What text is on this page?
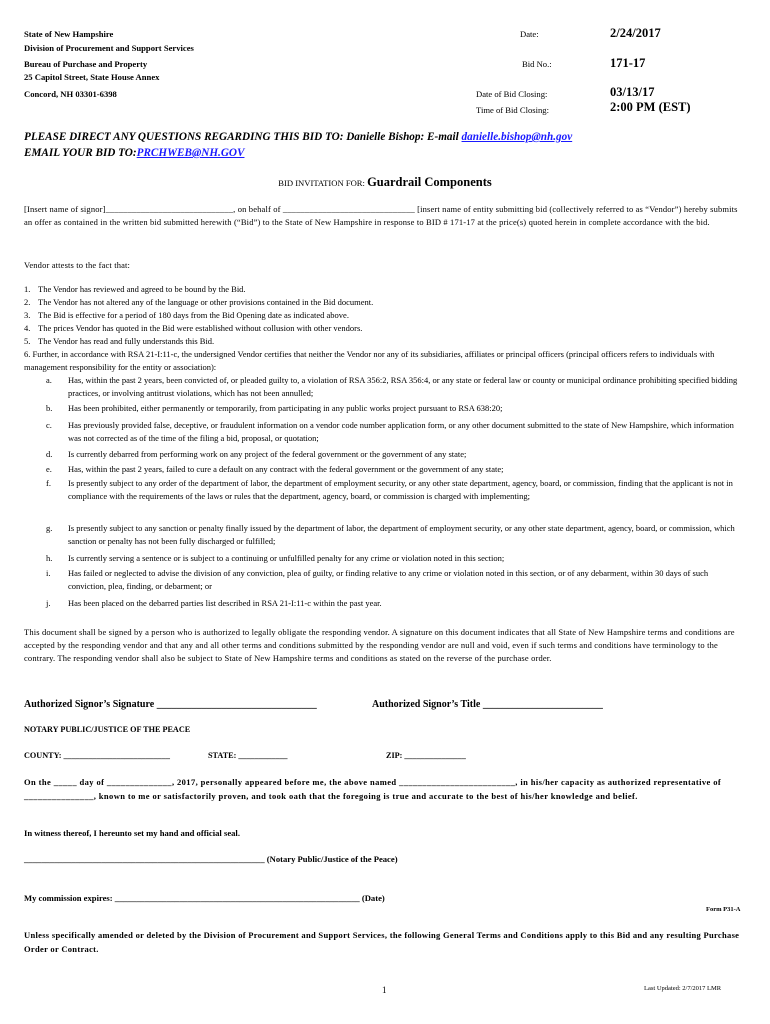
State of New Hampshire
Division of Procurement and Support Services
Bureau of Purchase and Property
25 Capitol Street, State House Annex
Concord, NH 03301-6398
Date:	2/24/2017
Bid No.:	171-17
Date of Bid Closing:	03/13/17
Time of Bid Closing:	2:00 PM (EST)
PLEASE DIRECT ANY QUESTIONS REGARDING THIS BID TO: Danielle Bishop: E-mail danielle.bishop@nh.gov
EMAIL YOUR BID TO:PRCHWEB@NH.GOV
BID INVITATION FOR: Guardrail Components
[Insert name of signor]_____________________________, on behalf of ______________________________ [insert name of entity submitting bid (collectively referred to as “Vendor”) hereby submits an offer as contained in the written bid submitted herewith (“Bid”) to the State of New Hampshire in response to BID # 171-17 at the price(s) quoted herein in complete accordance with the bid.
Vendor attests to the fact that:
1. The Vendor has reviewed and agreed to be bound by the Bid.
2. The Vendor has not altered any of the language or other provisions contained in the Bid document.
3. The Bid is effective for a period of 180 days from the Bid Opening date as indicated above.
4. The prices Vendor has quoted in the Bid were established without collusion with other vendors.
5. The Vendor has read and fully understands this Bid.
6. Further, in accordance with RSA 21-I:11-c, the undersigned Vendor certifies that neither the Vendor nor any of its subsidiaries, affiliates or principal officers (principal officers refers to individuals with management responsibility for the entity or association):
a. Has, within the past 2 years, been convicted of, or pleaded guilty to, a violation of RSA 356:2, RSA 356:4, or any state or federal law or county or municipal ordinance prohibiting specified bidding practices, or involving antitrust violations, which has not been annulled;
b. Has been prohibited, either permanently or temporarily, from participating in any public works project pursuant to RSA 638:20;
c. Has previously provided false, deceptive, or fraudulent information on a vendor code number application form, or any other document submitted to the state of New Hampshire, which information was not corrected as of the time of the filing a bid, proposal, or quotation;
d. Is currently debarred from performing work on any project of the federal government or the government of any state;
e. Has, within the past 2 years, failed to cure a default on any contract with the federal government or the government of any state;
f. Is presently subject to any order of the department of labor, the department of employment security, or any other state department, agency, board, or commission, finding that the applicant is not in compliance with the requirements of the laws or rules that the department, agency, board, or commission is charged with implementing;
g. Is presently subject to any sanction or penalty finally issued by the department of labor, the department of employment security, or any other state department, agency, board, or commission, which sanction or penalty has not been fully discharged or fulfilled;
h. Is currently serving a sentence or is subject to a continuing or unfulfilled penalty for any crime or violation noted in this section;
i. Has failed or neglected to advise the division of any conviction, plea of guilty, or finding relative to any crime or violation noted in this section, or of any debarment, within 30 days of such conviction, plea, finding, or debarment; or
j. Has been placed on the debarred parties list described in RSA 21-I:11-c within the past year.
This document shall be signed by a person who is authorized to legally obligate the responding vendor. A signature on this document indicates that all State of New Hampshire terms and conditions are accepted by the responding vendor and that any and all other terms and conditions submitted by the responding vendor are null and void, even if such terms and conditions have terminology to the contrary. The responding vendor shall also be subject to State of New Hampshire terms and conditions as stated on the reverse of the purchase order.
Authorized Signor’s Signature ________________________________	Authorized Signor’s Title ________________________
NOTARY PUBLIC/JUSTICE OF THE PEACE
COUNTY: __________________________	STATE: ____________	ZIP: _______________
On the _____ day of ______________, 2017, personally appeared before me, the above named _________________________, in his/her capacity as authorized representative of _______________, known to me or satisfactorily proven, and took oath that the foregoing is true and accurate to the best of his/her knowledge and belief.
In witness thereof, I hereunto set my hand and official seal.
________________________________________________________ (Notary Public/Justice of the Peace)
My commission expires: _________________________________________________________ (Date)
Form P31-A
Unless specifically amended or deleted by the Division of Procurement and Support Services, the following General Terms and Conditions apply to this Bid and any resulting Purchase Order or Contract.
1	Last Updated: 2/7/2017 LMR
